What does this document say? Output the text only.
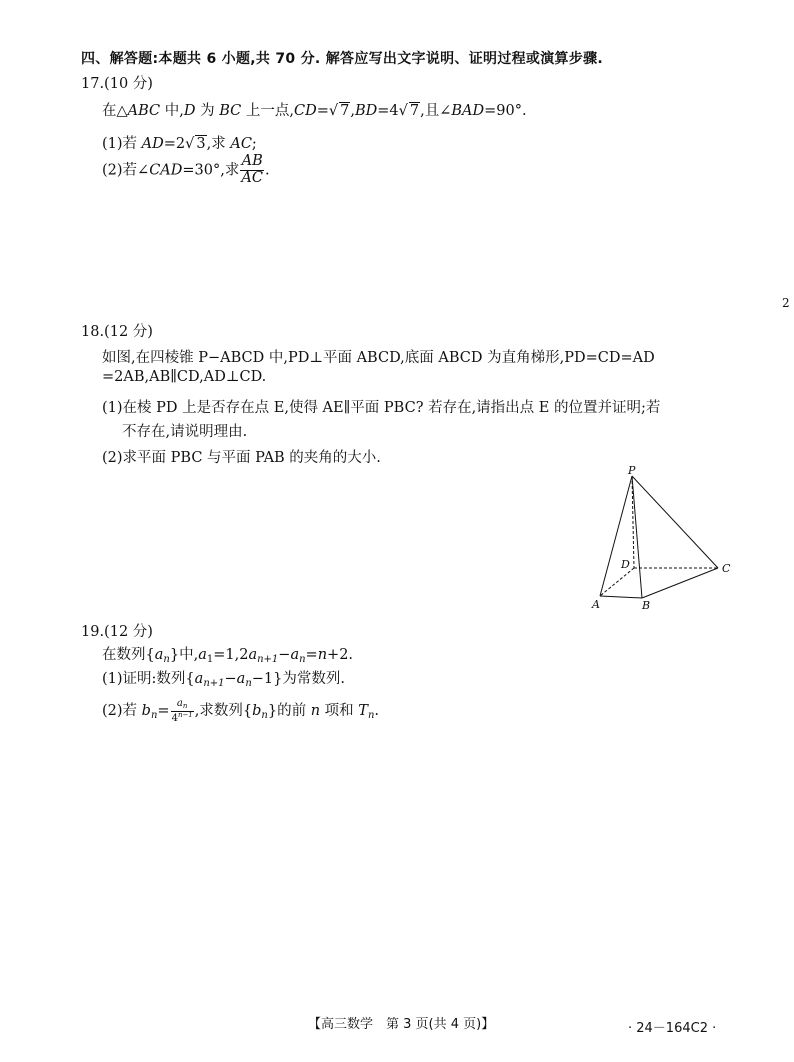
四、解答题:本题共 6 小题,共 70 分. 解答应写出文字说明、证明过程或演算步骤.
17.(10 分)
在△ABC 中,D 为 BC 上一点,CD=√ 7,BD=4√ 7,且∠BAD=90°.
(1)若 AD=2√ 3,求 AC;
(2)若∠CAD=30°,求 $\frac{AB}{AC}$ .
2
18.(12 分)
如图,在四棱锥 P−ABCD 中,PD⊥平面 ABCD,底面 ABCD 为直角梯形,PD=CD=AD
=2AB,AB∥CD,AD⊥CD.
(1)在棱 PD 上是否存在点 E,使得 AE∥平面 PBC? 若存在,请指出点 E 的位置并证明;若
不存在,请说明理由.
(2)求平面 PBC 与平面 PAB 的夹角的大小.
P
D	C
A	B
19.(12 分)
在数列$\{a_n\}$中$,a_1=1,2a_{n+1}-a_n=n+2$.
(1)证明:数列$\{a_{n+1}-a_n-1\}$为常数列.
(2)若 $b_n= \frac{a_n}{4^{n-1}}$ ,求数列$\{b_n\}$的前 n 项和 $T_n$.
【高三数学　第 3 页(共 4 页)】	· 24－164C2 ·
